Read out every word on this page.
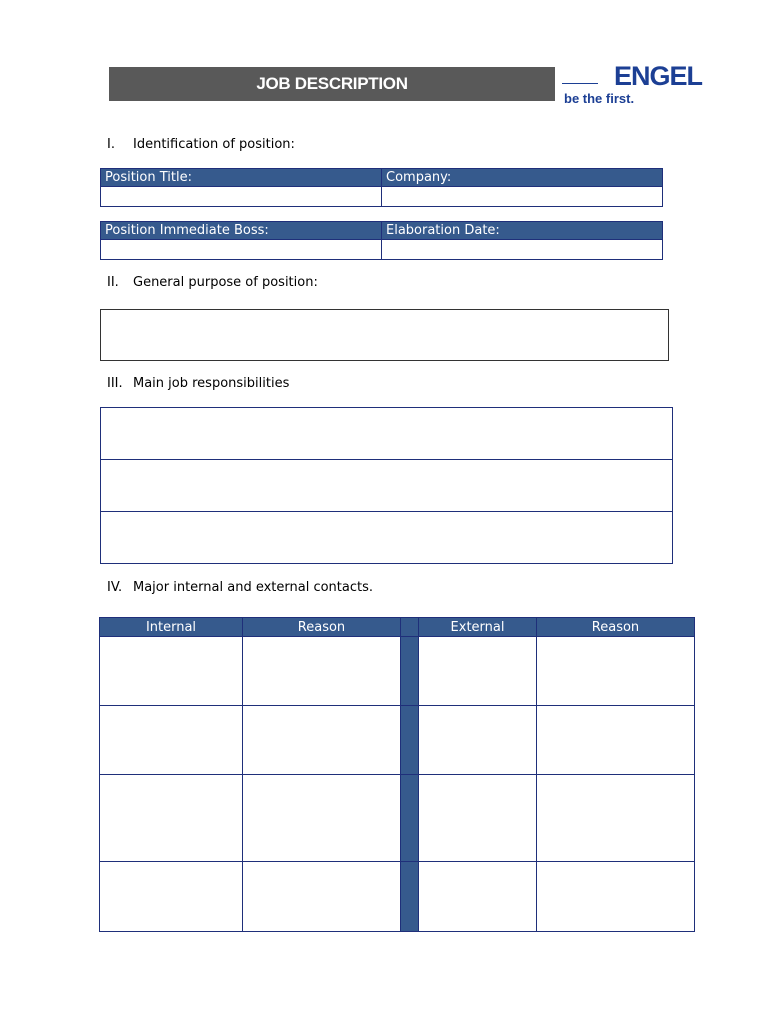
JOB DESCRIPTION	ENGEL
be the first.
I. Identification of position:
Position Title:	Company:

Position Immediate Boss:	Elaboration Date:

II. General purpose of position:
III. Main job responsibilities
IV. Major internal and external contacts.
Internal	Reason		External	Reason
